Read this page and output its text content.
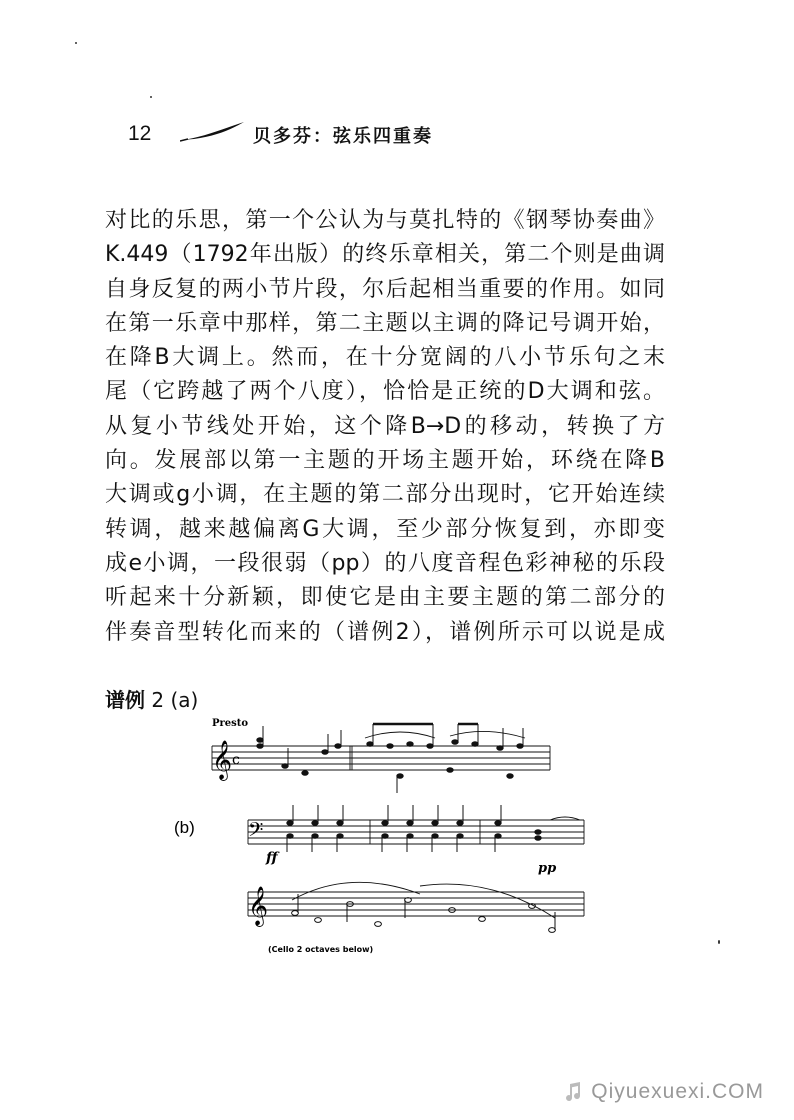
12	贝多芬：弦乐四重奏
对比的乐思，第一个公认为与莫扎特的《钢琴协奏曲》
K.449（1792年出版）的终乐章相关，第二个则是曲调
自身反复的两小节片段，尔后起相当重要的作用。如同
在第一乐章中那样，第二主题以主调的降记号调开始，
在降B大调上。然而，在十分宽阔的八小节乐句之末
尾（它跨越了两个八度），恰恰是正统的D大调和弦。
从复小节线处开始，这个降B→D的移动，转换了方
向。发展部以第一主题的开场主题开始，环绕在降B
大调或g小调，在主题的第二部分出现时，它开始连续
转调，越来越偏离G大调，至少部分恢复到，亦即变
成e小调，一段很弱（pp）的八度音程色彩神秘的乐段
听起来十分新颖，即使它是由主要主题的第二部分的
伴奏音型转化而来的（谱例2），谱例所示可以说是成
谱例 2 (a)
Presto
𝄞 c
(b) 𝄢
ff
pp
𝄞
(Cello 2 octaves below)
Qiyuexuexi.COM
